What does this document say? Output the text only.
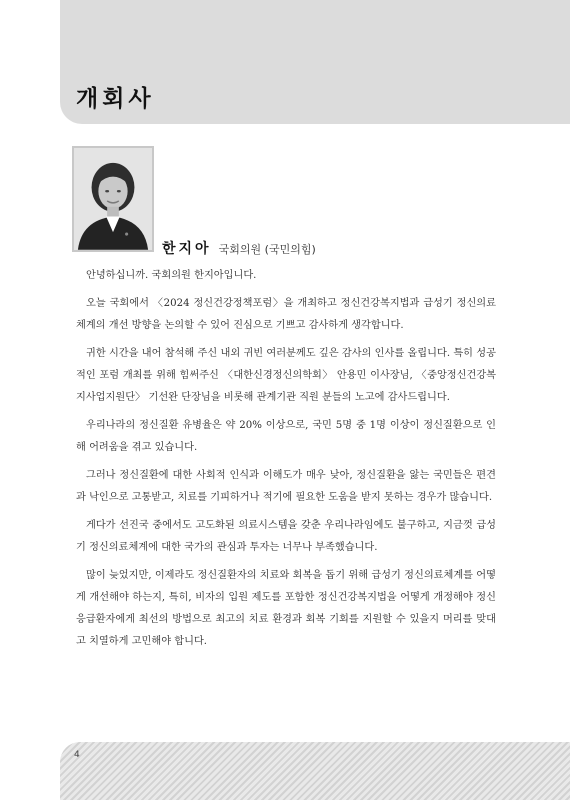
개회사
한지아 국회의원 (국민의힘)

안녕하십니까. 국회의원 한지아입니다.

오늘 국회에서 〈2024 정신건강정책포럼〉을 개최하고 정신건강복지법과 급성기 정신의료체계의 개선 방향을 논의할 수 있어 진심으로 기쁘고 감사하게 생각합니다.

귀한 시간을 내어 참석해 주신 내외 귀빈 여러분께도 깊은 감사의 인사를 올립니다. 특히 성공적인 포럼 개최를 위해 힘써주신 〈대한신경정신의학회〉 안용민 이사장님, 〈중앙정신건강복지사업지원단〉 기선완 단장님을 비롯해 관계기관 직원 분들의 노고에 감사드립니다.

우리나라의 정신질환 유병율은 약 20% 이상으로, 국민 5명 중 1명 이상이 정신질환으로 인해 어려움을 겪고 있습니다.

그러나 정신질환에 대한 사회적 인식과 이해도가 매우 낮아, 정신질환을 앓는 국민들은 편견과 낙인으로 고통받고, 치료를 기피하거나 적기에 필요한 도움을 받지 못하는 경우가 많습니다.

게다가 선진국 중에서도 고도화된 의료시스템을 갖춘 우리나라임에도 불구하고, 지금껏 급성기 정신의료체계에 대한 국가의 관심과 투자는 너무나 부족했습니다.

많이 늦었지만, 이제라도 정신질환자의 치료와 회복을 돕기 위해 급성기 정신의료체계를 어떻게 개선해야 하는지, 특히, 비자의 입원 제도를 포함한 정신건강복지법을 어떻게 개정해야 정신 응급환자에게 최선의 방법으로 최고의 치료 환경과 회복 기회를 지원할 수 있을지 머리를 맞대고 치열하게 고민해야 합니다.

4
